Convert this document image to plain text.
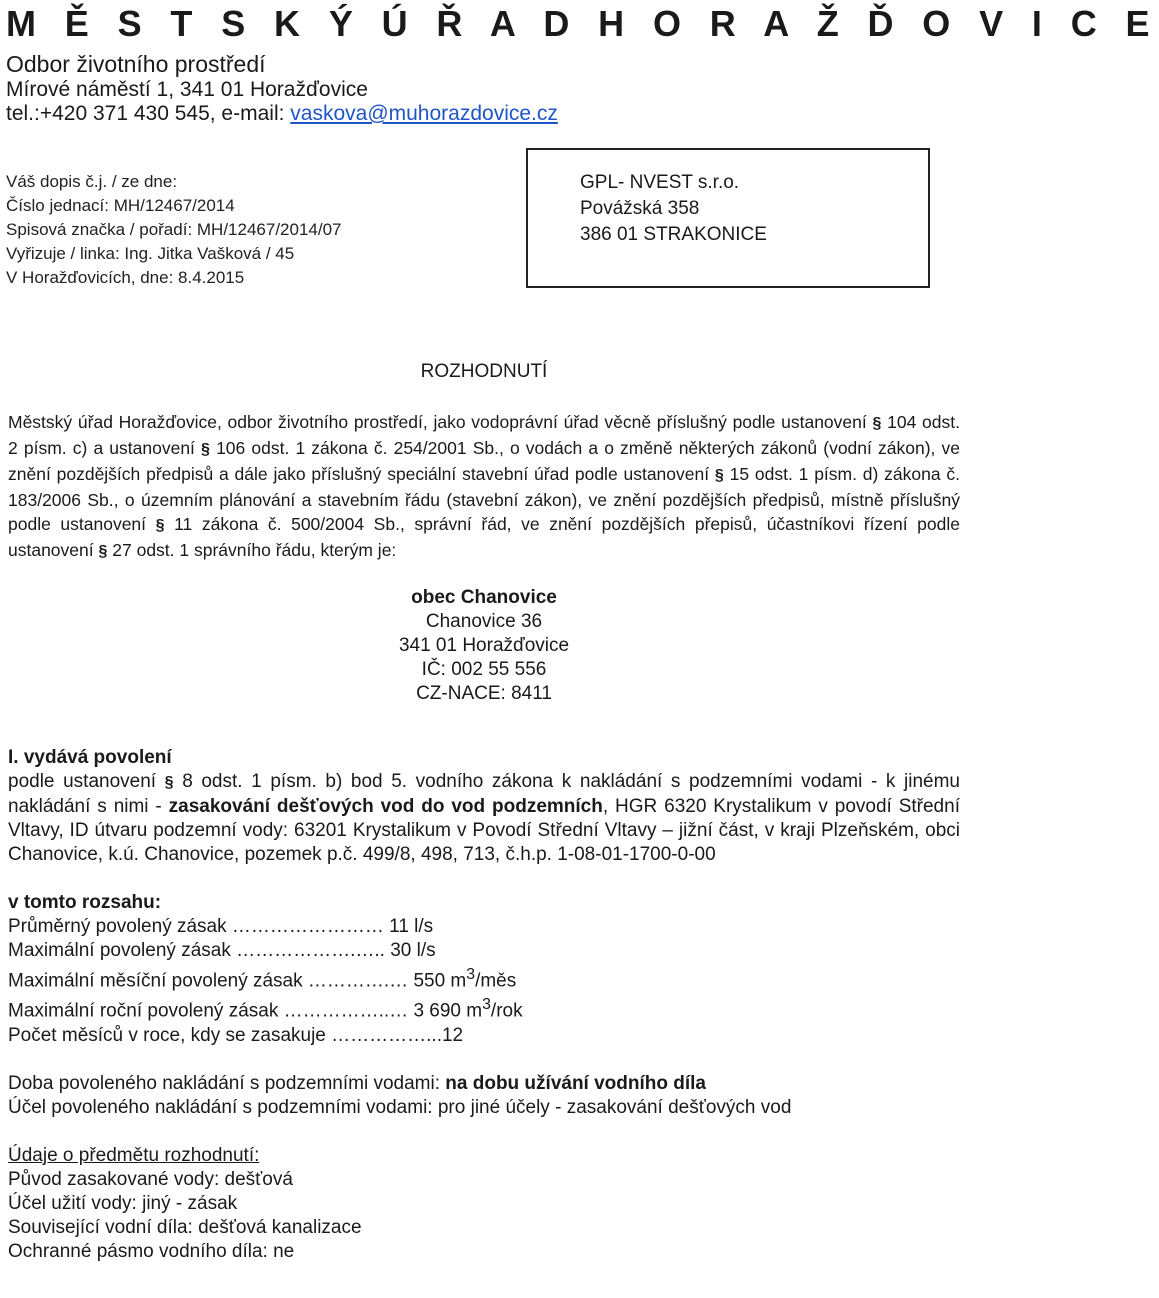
M Ě S T S K Ý Ú Ř A D H O R A Ž Ď O V I C E
Odbor životního prostředí
Mírové náměstí 1, 341 01 Horažďovice
tel.:+420 371 430 545, e-mail: vaskova@muhorazdovice.cz
Váš dopis č.j. / ze dne:
Číslo jednací: MH/12467/2014
Spisová značka / pořadí: MH/12467/2014/07
Vyřizuje / linka: Ing. Jitka Vašková / 45
V Horažďovicích, dne: 8.4.2015
GPL- NVEST s.r.o.
Povážská 358
386 01 STRAKONICE
ROZHODNUTÍ

Městský úřad Horažďovice, odbor životního prostředí, jako vodoprávní úřad věcně příslušný podle ustanovení § 104 odst. 2 písm. c) a ustanovení § 106 odst. 1 zákona č. 254/2001 Sb., o vodách a o změně některých zákonů (vodní zákon), ve znění pozdějších předpisů a dále jako příslušný speciální stavební úřad podle ustanovení § 15 odst. 1 písm. d) zákona č. 183/2006 Sb., o územním plánování a stavebním řádu (stavební zákon), ve znění pozdějších předpisů, místně příslušný podle ustanovení § 11 zákona č. 500/2004 Sb., správní řád, ve znění pozdějších přepisů, účastníkovi řízení podle ustanovení § 27 odst. 1 správního řádu, kterým je:

obec Chanovice
Chanovice 36
341 01 Horažďovice
IČ: 002 55 556
CZ-NACE: 8411
I. vydává povolení

podle ustanovení § 8 odst. 1 písm. b) bod 5. vodního zákona k nakládání s podzemními vodami - k jinému nakládání s nimi - zasakování dešťových vod do vod podzemních, HGR 6320 Krystalikum v povodí Střední Vltavy, ID útvaru podzemní vody: 63201 Krystalikum v Povodí Střední Vltavy – jižní část, v kraji Plzeňském, obci Chanovice, k.ú. Chanovice, pozemek p.č. 499/8, 498, 713, č.h.p. 1-08-01-1700-0-00

v tomto rozsahu:
Průměrný povolený zásak …………………… 11 l/s
Maximální povolený zásak ……………….….. 30 l/s
Maximální měsíční povolený zásak ………….… 550 $m^3$/měs
Maximální roční povolený zásak ……………..… 3 690 $m^3$/rok
Počet měsíců v roce, kdy se zasakuje ……………...12
Doba povoleného nakládání s podzemními vodami: na dobu užívání vodního díla
Účel povoleného nakládání s podzemními vodami: pro jiné účely - zasakování dešťových vod
Údaje o předmětu rozhodnutí:
Původ zasakované vody: dešťová
Účel užití vody: jiný - zásak
Související vodní díla: dešťová kanalizace
Ochranné pásmo vodního díla: ne
